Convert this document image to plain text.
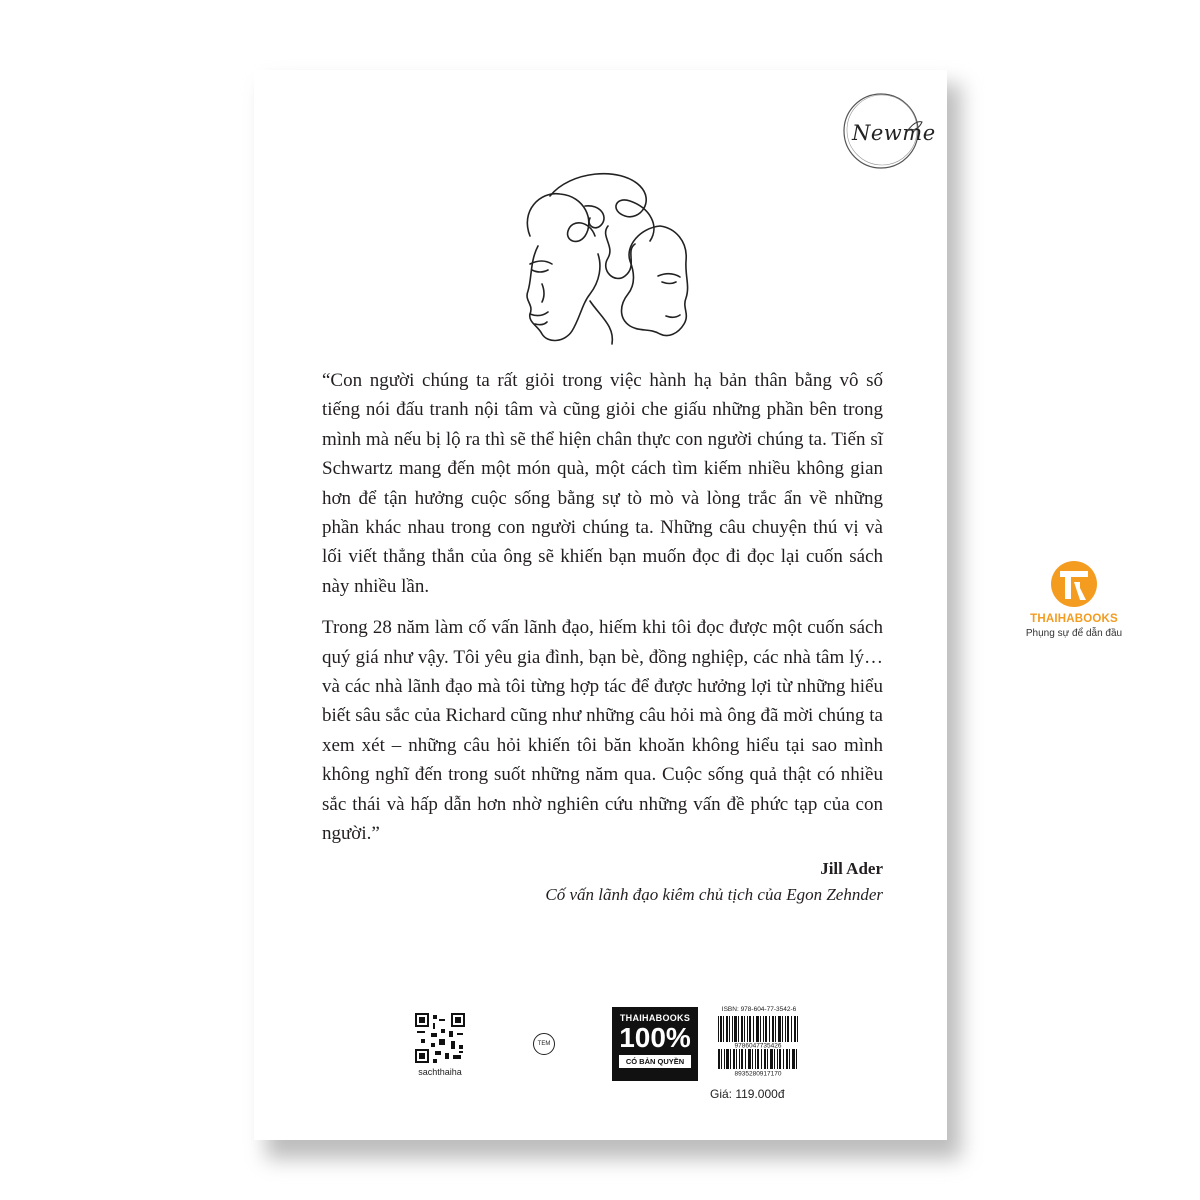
Newme

“Con người chúng ta rất giỏi trong việc hành hạ bản thân bằng vô số tiếng nói đấu tranh nội tâm và cũng giỏi che giấu những phần bên trong mình mà nếu bị lộ ra thì sẽ thể hiện chân thực con người chúng ta. Tiến sĩ Schwartz mang đến một món quà, một cách tìm kiếm nhiều không gian hơn để tận hưởng cuộc sống bằng sự tò mò và lòng trắc ẩn về những phần khác nhau trong con người chúng ta. Những câu chuyện thú vị và lối viết thẳng thắn của ông sẽ khiến bạn muốn đọc đi đọc lại cuốn sách này nhiều lần.

Trong 28 năm làm cố vấn lãnh đạo, hiếm khi tôi đọc được một cuốn sách quý giá như vậy. Tôi yêu gia đình, bạn bè, đồng nghiệp, các nhà tâm lý… và các nhà lãnh đạo mà tôi từng hợp tác để được hưởng lợi từ những hiểu biết sâu sắc của Richard cũng như những câu hỏi mà ông đã mời chúng ta xem xét – những câu hỏi khiến tôi băn khoăn không hiểu tại sao mình không nghĩ đến trong suốt những năm qua. Cuộc sống quả thật có nhiều sắc thái và hấp dẫn hơn nhờ nghiên cứu những vấn đề phức tạp của con người.”

Jill Ader
Cố vấn lãnh đạo kiêm chủ tịch của Egon Zehnder
sachthaiha
TEM
THAIHABOOKS
100%
CÓ BẢN QUYỀN
ISBN: 978-604-77-3542-6
9786047735426
8935280917170
Giá: 119.000đ
THAIHABOOKS
Phụng sự để dẫn đầu
